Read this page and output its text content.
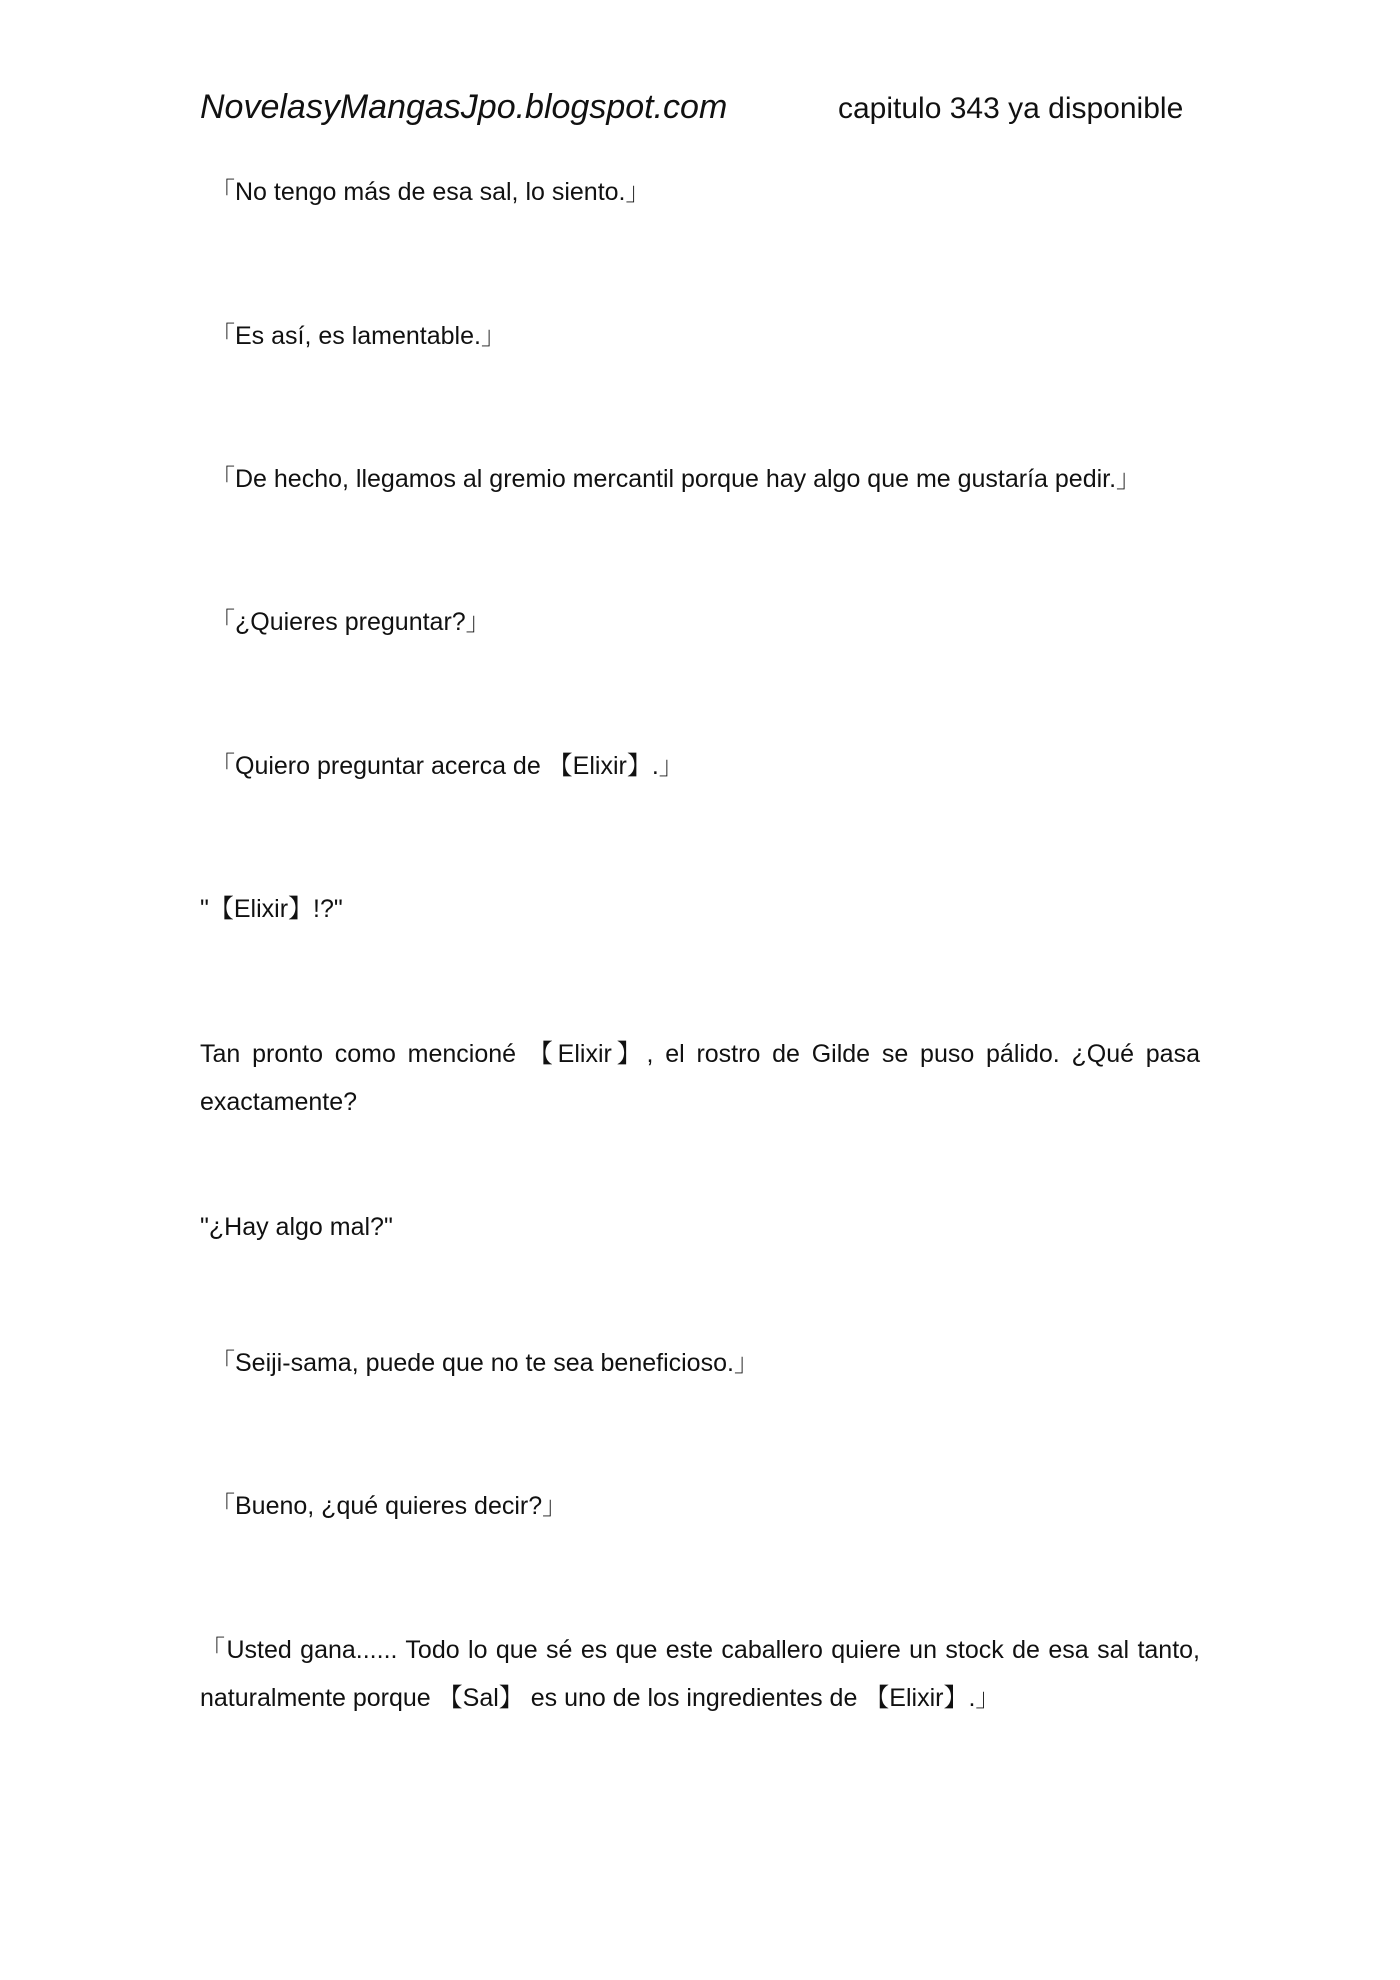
NovelasyMangasJpo.blogspot.com	capitulo 343 ya disponible
「No tengo más de esa sal, lo siento.」
「Es así, es lamentable.」
「De hecho, llegamos al gremio mercantil porque hay algo que me gustaría pedir.」
「¿Quieres preguntar?」
「Quiero preguntar acerca de 【Elixir】.」
"【Elixir】!?"
Tan pronto como mencioné 【Elixir】, el rostro de Gilde se puso pálido. ¿Qué pasa exactamente?
"¿Hay algo mal?"
「Seiji-sama, puede que no te sea beneficioso.」
「Bueno, ¿qué quieres decir?」
「Usted gana...... Todo lo que sé es que este caballero quiere un stock de esa sal tanto, naturalmente porque 【Sal】 es uno de los ingredientes de 【Elixir】.」
